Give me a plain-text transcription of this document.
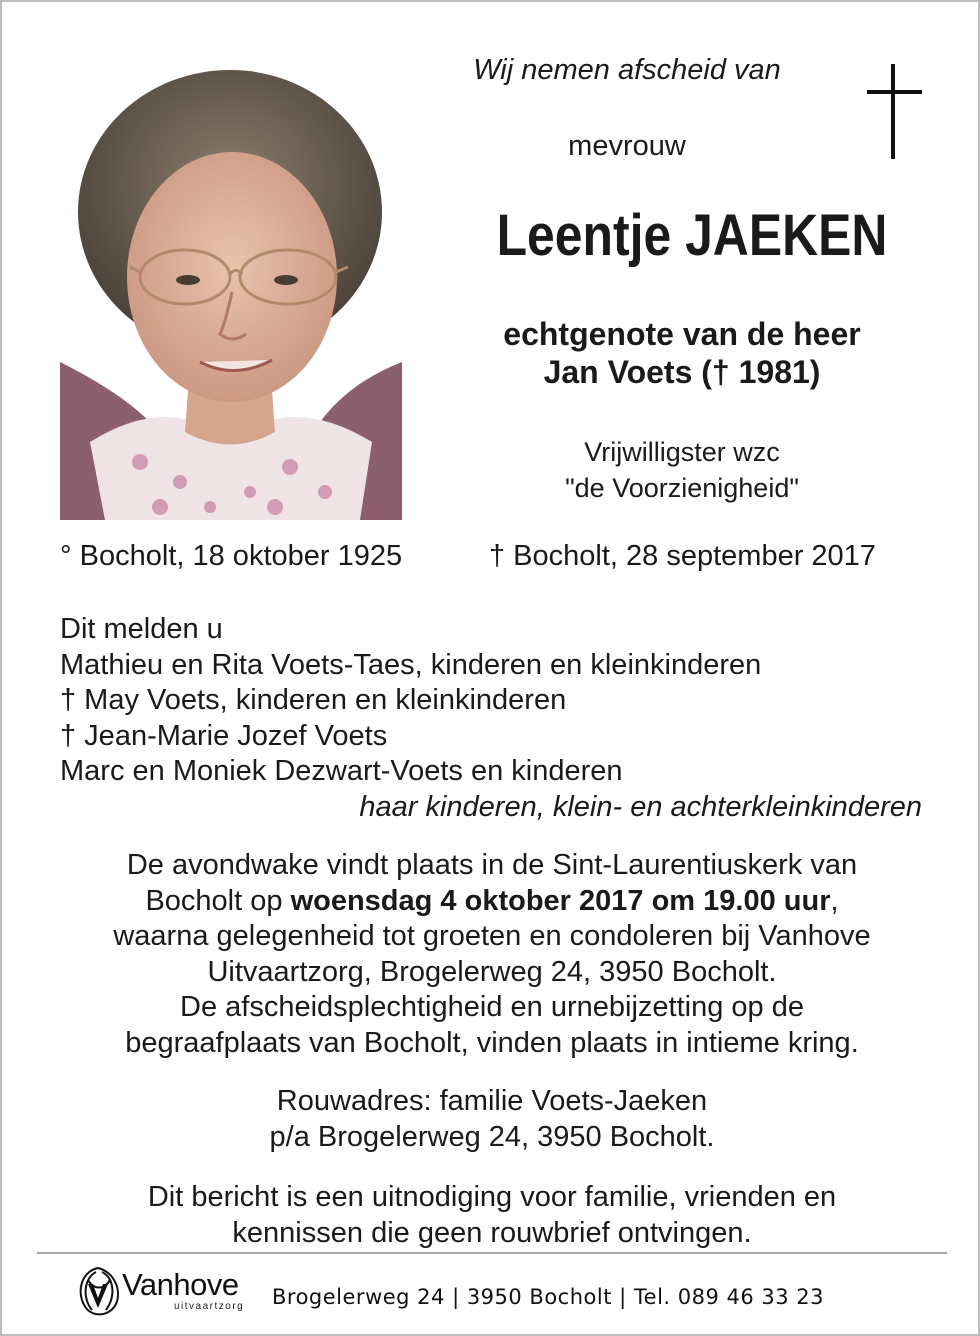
Wij nemen afscheid van
mevrouw
Leentje JAEKEN
echtgenote van de heer
Jan Voets († 1981)
Vrijwilligster wzc
"de Voorzienigheid"
° Bocholt, 18 oktober 1925	† Bocholt, 28 september 2017
Dit melden u
Mathieu en Rita Voets-Taes, kinderen en kleinkinderen
† May Voets, kinderen en kleinkinderen
† Jean-Marie Jozef Voets
Marc en Moniek Dezwart-Voets en kinderen
haar kinderen, klein- en achterkleinkinderen
De avondwake vindt plaats in de Sint-Laurentiuskerk van
Bocholt op woensdag 4 oktober 2017 om 19.00 uur,
waarna gelegenheid tot groeten en condoleren bij Vanhove
Uitvaartzorg, Brogelerweg 24, 3950 Bocholt.
De afscheidsplechtigheid en urnebijzetting op de
begraafplaats van Bocholt, vinden plaats in intieme kring.
Rouwadres: familie Voets-Jaeken
p/a Brogelerweg 24, 3950 Bocholt.
Dit bericht is een uitnodiging voor familie, vrienden en
kennissen die geen rouwbrief ontvingen.
Vanhove
uitvaartzorg Brogelerweg 24 | 3950 Bocholt | Tel. 089 46 33 23
